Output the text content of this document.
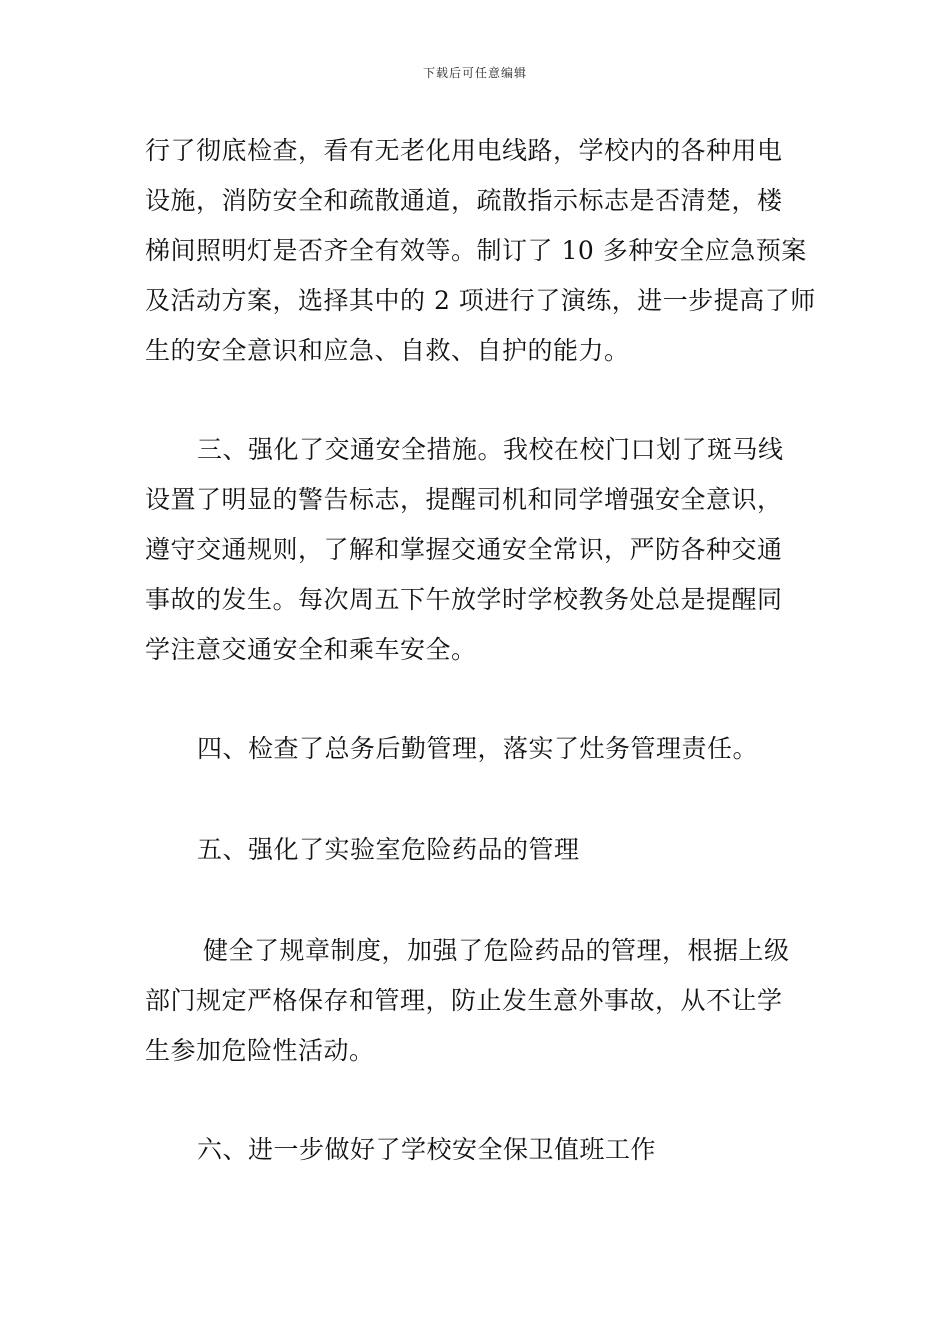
下载后可任意编辑

行了彻底检查，看有无老化用电线路，学校内的各种用电
设施，消防安全和疏散通道，疏散指示标志是否清楚，楼
梯间照明灯是否齐全有效等。制订了 10 多种安全应急预案
及活动方案，选择其中的 2 项进行了演练，进一步提高了师
生的安全意识和应急、自救、自护的能力。

三、强化了交通安全措施。我校在校门口划了斑马线
设置了明显的警告标志，提醒司机和同学增强安全意识，
遵守交通规则，了解和掌握交通安全常识，严防各种交通
事故的发生。每次周五下午放学时学校教务处总是提醒同
学注意交通安全和乘车安全。

四、检查了总务后勤管理，落实了灶务管理责任。

五、强化了实验室危险药品的管理

健全了规章制度，加强了危险药品的管理，根据上级
部门规定严格保存和管理，防止发生意外事故，从不让学
生参加危险性活动。

六、进一步做好了学校安全保卫值班工作
